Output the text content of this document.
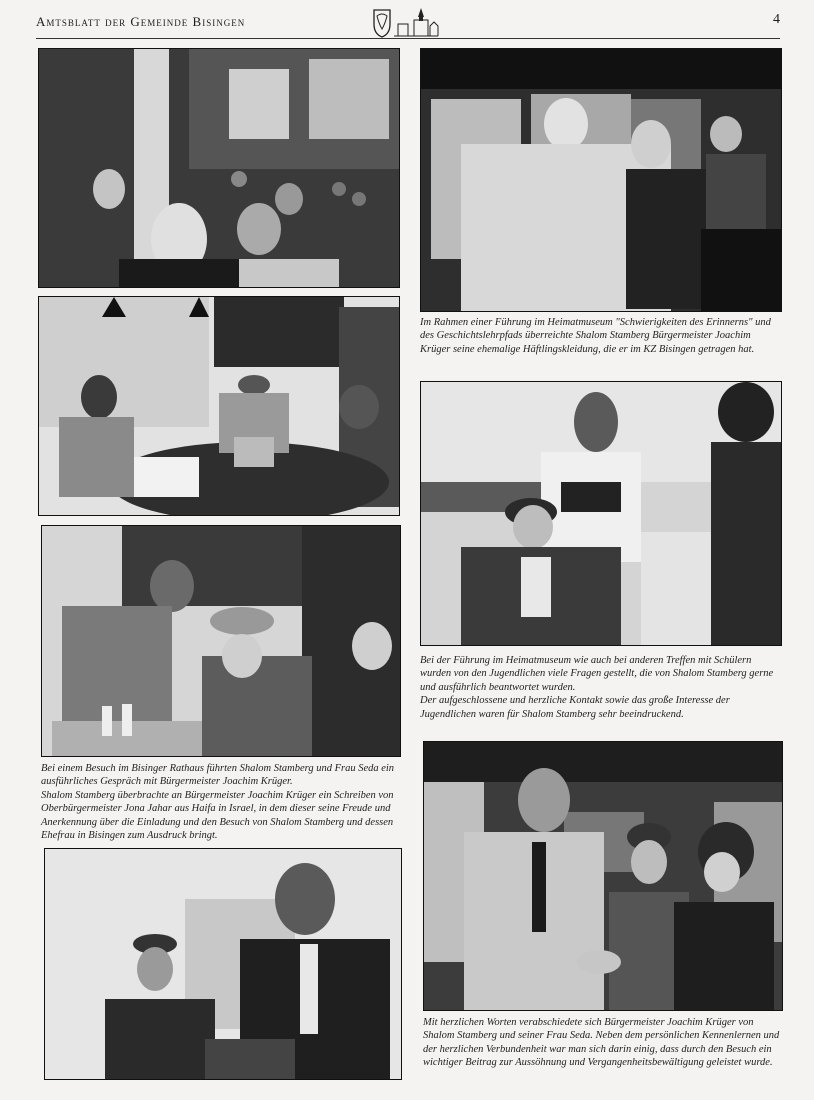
Amtsblatt der Gemeinde Bisingen	4

Im Rahmen einer Führung im Heimatmuseum "Schwierigkeiten des Erinnerns" und des Geschichtslehrpfads überreichte Shalom Stamberg Bürgermeister Joachim Krüger seine ehemalige Häftlingskleidung, die er im KZ Bisingen getragen hat.

Bei der Führung im Heimatmuseum wie auch bei anderen Treffen mit Schülern wurden von den Jugendlichen viele Fragen gestellt, die von Shalom Stamberg gerne und ausführlich beantwortet wurden.

Der aufgeschlossene und herzliche Kontakt sowie das große Interesse der Jugendlichen waren für Shalom Stamberg sehr beeindruckend.

Bei einem Besuch im Bisinger Rathaus führten Shalom Stamberg und Frau Seda ein ausführliches Gespräch mit Bürgermeister Joachim Krüger.

Shalom Stamberg überbrachte an Bürgermeister Joachim Krüger ein Schreiben von Oberbürgermeister Jona Jahar aus Haifa in Israel, in dem dieser seine Freude und Anerkennung über die Einladung und den Besuch von Shalom Stamberg und dessen Ehefrau in Bisingen zum Ausdruck bringt.

Mit herzlichen Worten verabschiedete sich Bürgermeister Joachim Krüger von Shalom Stamberg und seiner Frau Seda. Neben dem persönlichen Kennenlernen und der herzlichen Verbundenheit war man sich darin einig, dass durch den Besuch ein wichtiger Beitrag zur Aussöhnung und Vergangenheitsbewältigung geleistet wurde.
